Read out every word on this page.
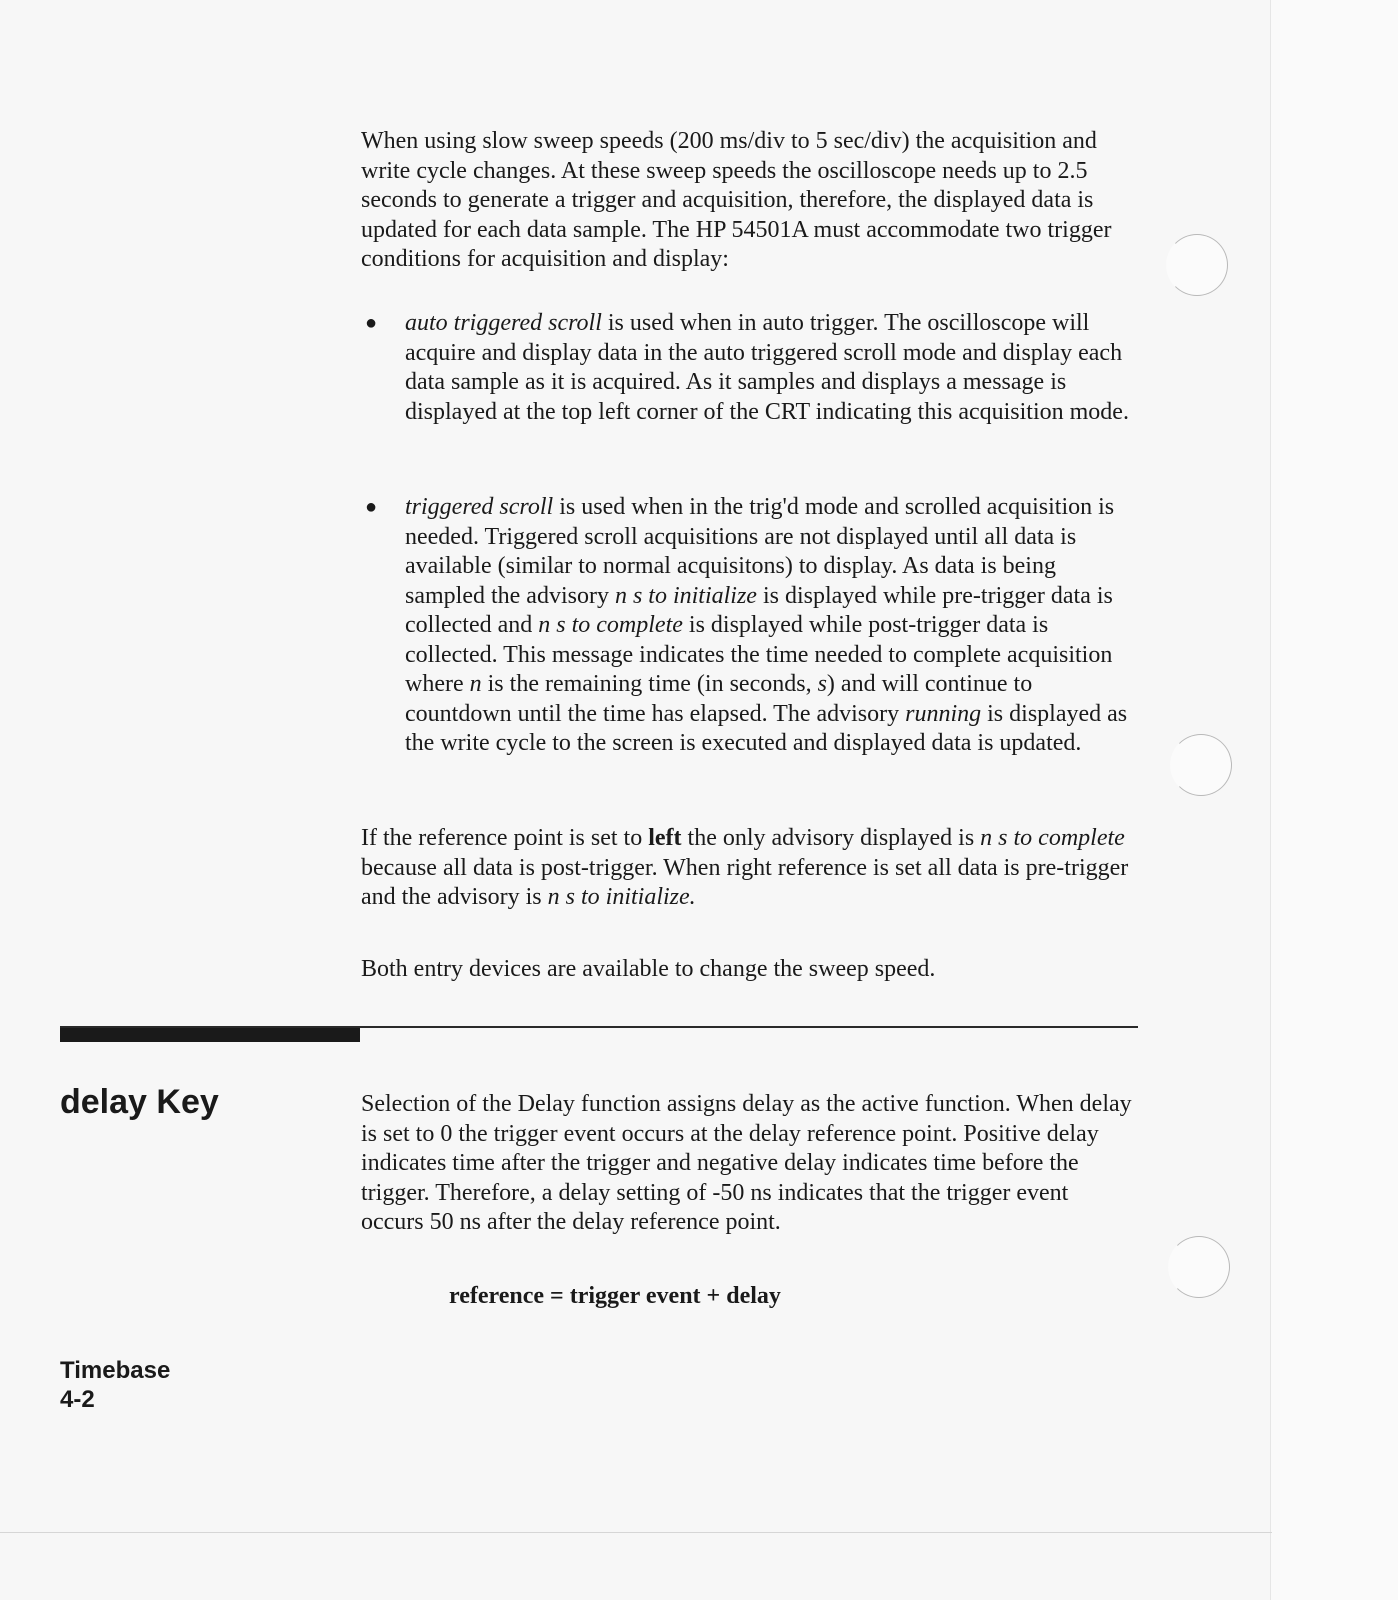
When using slow sweep speeds (200 ms/div to 5 sec/div) the acquisition and write cycle changes. At these sweep speeds the oscilloscope needs up to 2.5 seconds to generate a trigger and acquisition, therefore, the displayed data is updated for each data sample. The HP 54501A must accommodate two trigger conditions for acquisition and display:

● auto triggered scroll is used when in auto trigger. The oscilloscope will acquire and display data in the auto triggered scroll mode and display each data sample as it is acquired. As it samples and displays a message is displayed at the top left corner of the CRT indicating this acquisition mode.

● triggered scroll is used when in the trig'd mode and scrolled acquisition is needed. Triggered scroll acquisitions are not displayed until all data is available (similar to normal acquisitons) to display. As data is being sampled the advisory n s to initialize is displayed while pre-trigger data is collected and n s to complete is displayed while post-trigger data is collected. This message indicates the time needed to complete acquisition where n is the remaining time (in seconds, s) and will continue to countdown until the time has elapsed. The advisory running is displayed as the write cycle to the screen is executed and displayed data is updated.

If the reference point is set to left the only advisory displayed is n s to complete because all data is post-trigger. When right reference is set all data is pre-trigger and the advisory is n s to initialize.

Both entry devices are available to change the sweep speed.

delay Key	Selection of the Delay function assigns delay as the active function. When delay is set to 0 the trigger event occurs at the delay reference point. Positive delay indicates time after the trigger and negative delay indicates time before the trigger. Therefore, a delay setting of -50 ns indicates that the trigger event occurs 50 ns after the delay reference point.

reference = trigger event + delay

Timebase
4-2
